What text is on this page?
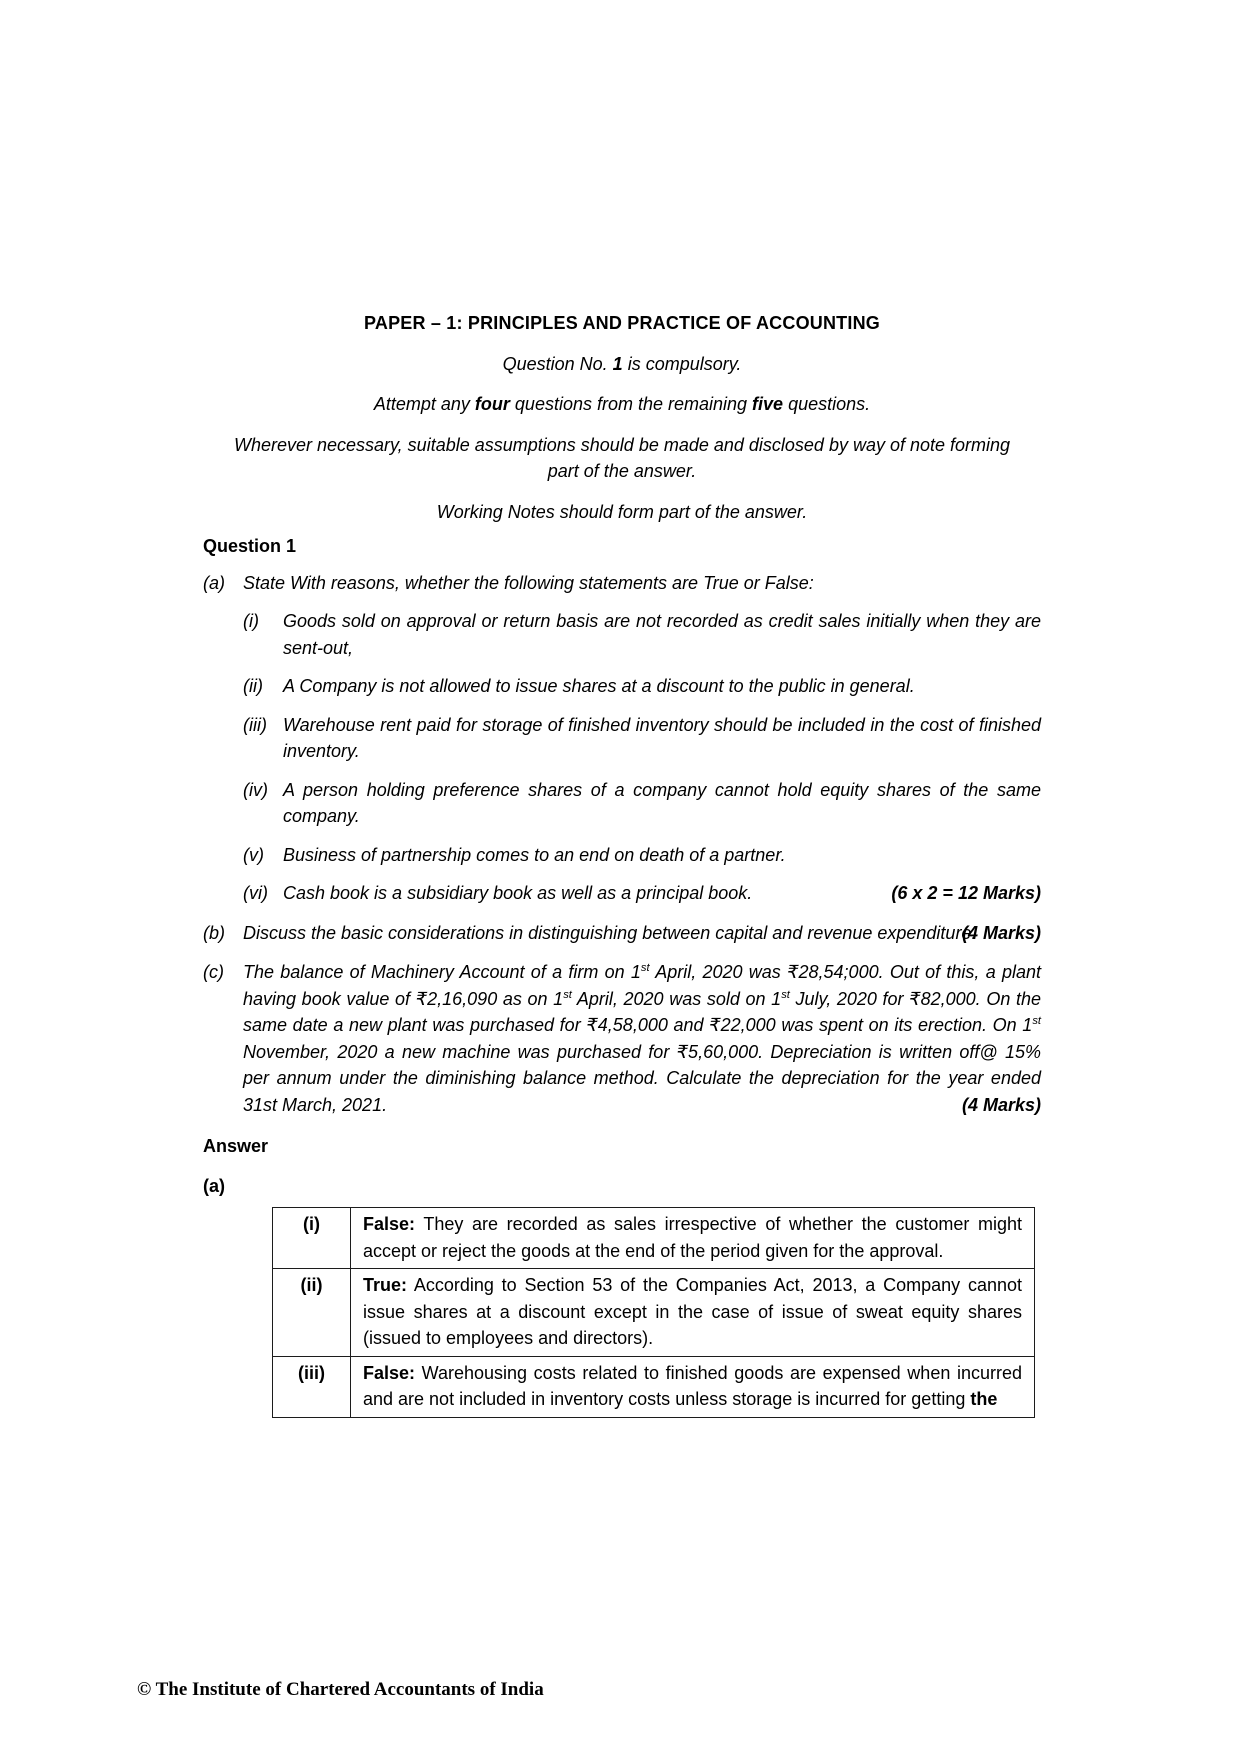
PAPER – 1: PRINCIPLES AND PRACTICE OF ACCOUNTING

Question No. 1 is compulsory.

Attempt any four questions from the remaining five questions.

Wherever necessary, suitable assumptions should be made and disclosed by way of note forming part of the answer.

Working Notes should form part of the answer.

Question 1
(a) State With reasons, whether the following statements are True or False:
(i) Goods sold on approval or return basis are not recorded as credit sales initially when they are sent-out,
(ii) A Company is not allowed to issue shares at a discount to the public in general.
(iii) Warehouse rent paid for storage of finished inventory should be included in the cost of finished inventory.
(iv) A person holding preference shares of a company cannot hold equity shares of the same company.
(v) Business of partnership comes to an end on death of a partner.
(vi) Cash book is a subsidiary book as well as a principal book.	(6 x 2 = 12 Marks)
(b) Discuss the basic considerations in distinguishing between capital and revenue expenditure.
(4 Marks)
(c) The balance of Machinery Account of a firm on 1st April, 2020 was ₹28,54;000. Out of this, a plant having book value of ₹2,16,090 as on 1st April, 2020 was sold on 1st July, 2020 for ₹82,000. On the same date a new plant was purchased for ₹4,58,000 and ₹22,000 was spent on its erection. On 1st November, 2020 a new machine was purchased for ₹5,60,000. Depreciation is written off@ 15% per annum under the diminishing balance method. Calculate the depreciation for the year ended 31st March, 2021.	(4 Marks)
Answer
(a)
(i)	False: They are recorded as sales irrespective of whether the customer might accept or reject the goods at the end of the period given for the approval.
(ii)	True: According to Section 53 of the Companies Act, 2013, a Company cannot issue shares at a discount except in the case of issue of sweat equity shares (issued to employees and directors).
(iii)	False: Warehousing costs related to finished goods are expensed when incurred and are not included in inventory costs unless storage is incurred for getting the
© The Institute of Chartered Accountants of India
